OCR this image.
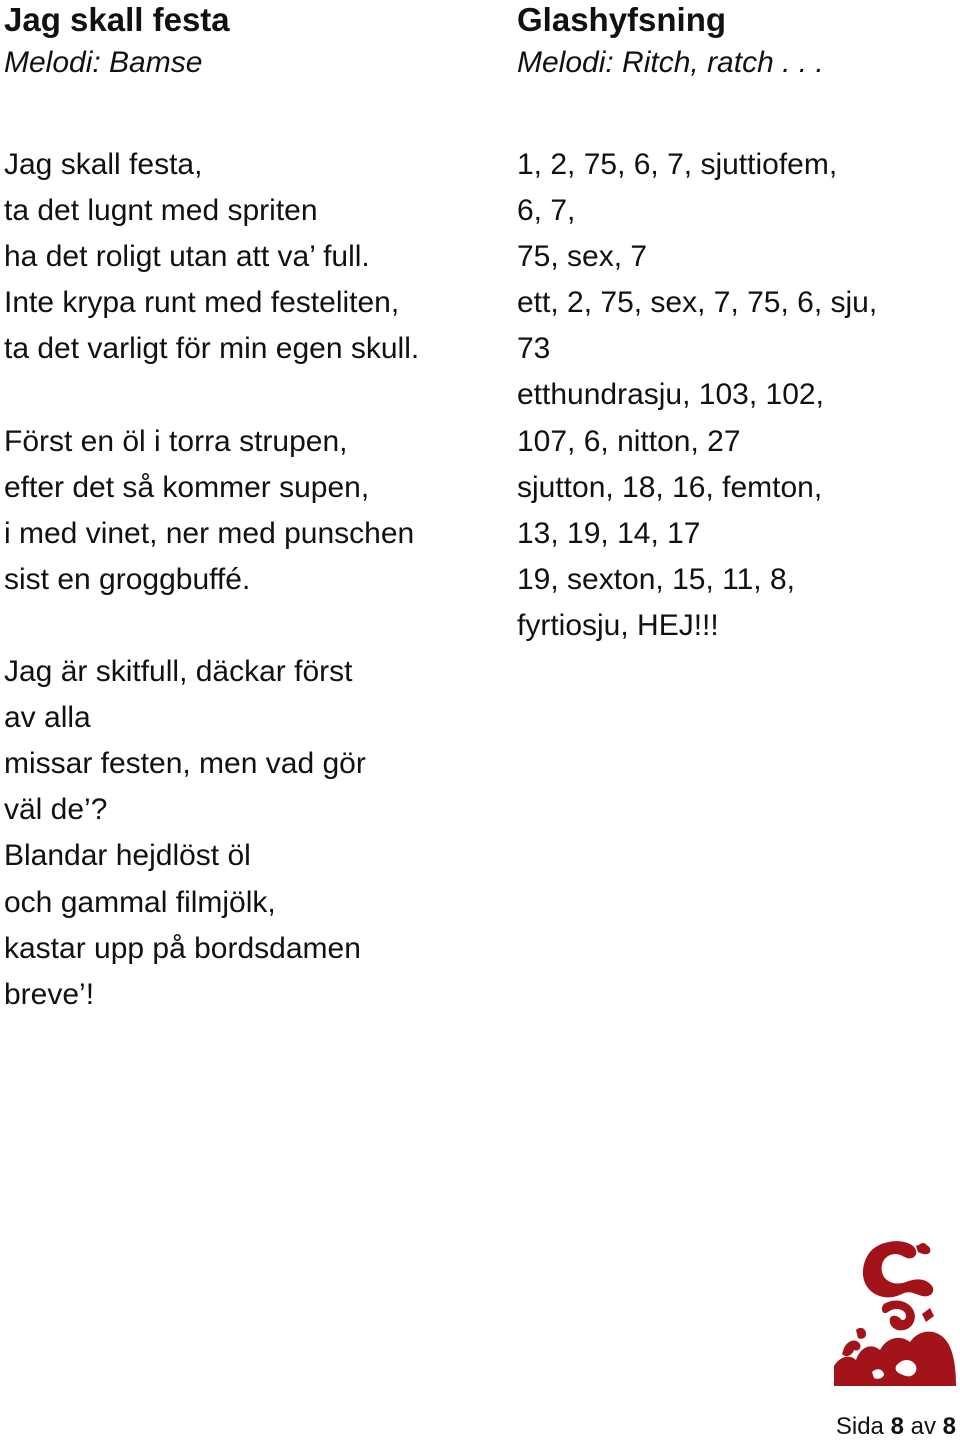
Jag skall festa

Melodi: Bamse

Jag skall festa,
ta det lugnt med spriten
ha det roligt utan att va’ full.
Inte krypa runt med festeliten,
ta det varligt för min egen skull.
Först en öl i torra strupen,
efter det så kommer supen,
i med vinet, ner med punschen
sist en groggbuffé.
Jag är skitfull, däckar först
av alla
missar festen, men vad gör
väl de’?
Blandar hejdlöst öl
och gammal filmjölk,
kastar upp på bordsdamen
breve’!
Glashyfsning

Melodi: Ritch, ratch . . .

1, 2, 75, 6, 7, sjuttiofem,
6, 7,
75, sex, 7
ett, 2, 75, sex, 7, 75, 6, sju,
73
etthundrasju, 103, 102,
107, 6, nitton, 27
sjutton, 18, 16, femton,
13, 19, 14, 17
19, sexton, 15, 11, 8,
fyrtiosju, HEJ!!!
Sida 8 av 8
